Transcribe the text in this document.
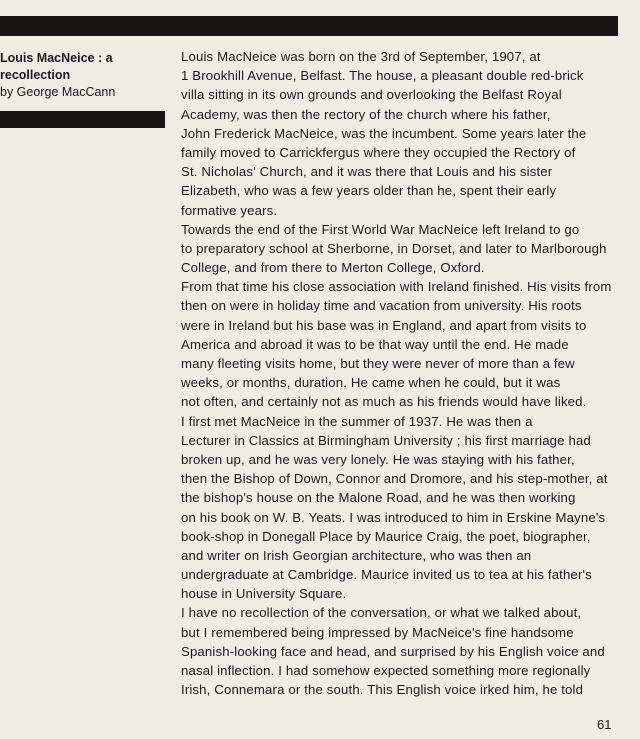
Louis MacNeice : a
recollection

by George MacCann

Louis MacNeice was born on the 3rd of September, 1907, at
1 Brookhill Avenue, Belfast. The house, a pleasant double red-brick
villa sitting in its own grounds and overlooking the Belfast Royal
Academy, was then the rectory of the church where his father,
John Frederick MacNeice, was the incumbent. Some years later the
family moved to Carrickfergus where they occupied the Rectory of
St. Nicholas' Church, and it was there that Louis and his sister
Elizabeth, who was a few years older than he, spent their early
formative years.
Towards the end of the First World War MacNeice left Ireland to go
to preparatory school at Sherborne, in Dorset, and later to Marlborough
College, and from there to Merton College, Oxford.
From that time his close association with Ireland finished. His visits from
then on were in holiday time and vacation from university. His roots
were in Ireland but his base was in England, and apart from visits to
America and abroad it was to be that way until the end. He made
many fleeting visits home, but they were never of more than a few
weeks, or months, duration. He came when he could, but it was
not often, and certainly not as much as his friends would have liked.
I first met MacNeice in the summer of 1937. He was then a
Lecturer in Classics at Birmingham University ; his first marriage had
broken up, and he was very lonely. He was staying with his father,
then the Bishop of Down, Connor and Dromore, and his step-mother, at
the bishop's house on the Malone Road, and he was then working
on his book on W. B. Yeats. I was introduced to him in Erskine Mayne's
book-shop in Donegall Place by Maurice Craig, the poet, biographer,
and writer on Irish Georgian architecture, who was then an
undergraduate at Cambridge. Maurice invited us to tea at his father's
house in University Square.
I have no recollection of the conversation, or what we talked about,
but I remembered being impressed by MacNeice's fine handsome
Spanish-looking face and head, and surprised by his English voice and
nasal inflection. I had somehow expected something more regionally
Irish, Connemara or the south. This English voice irked him, he told
61
